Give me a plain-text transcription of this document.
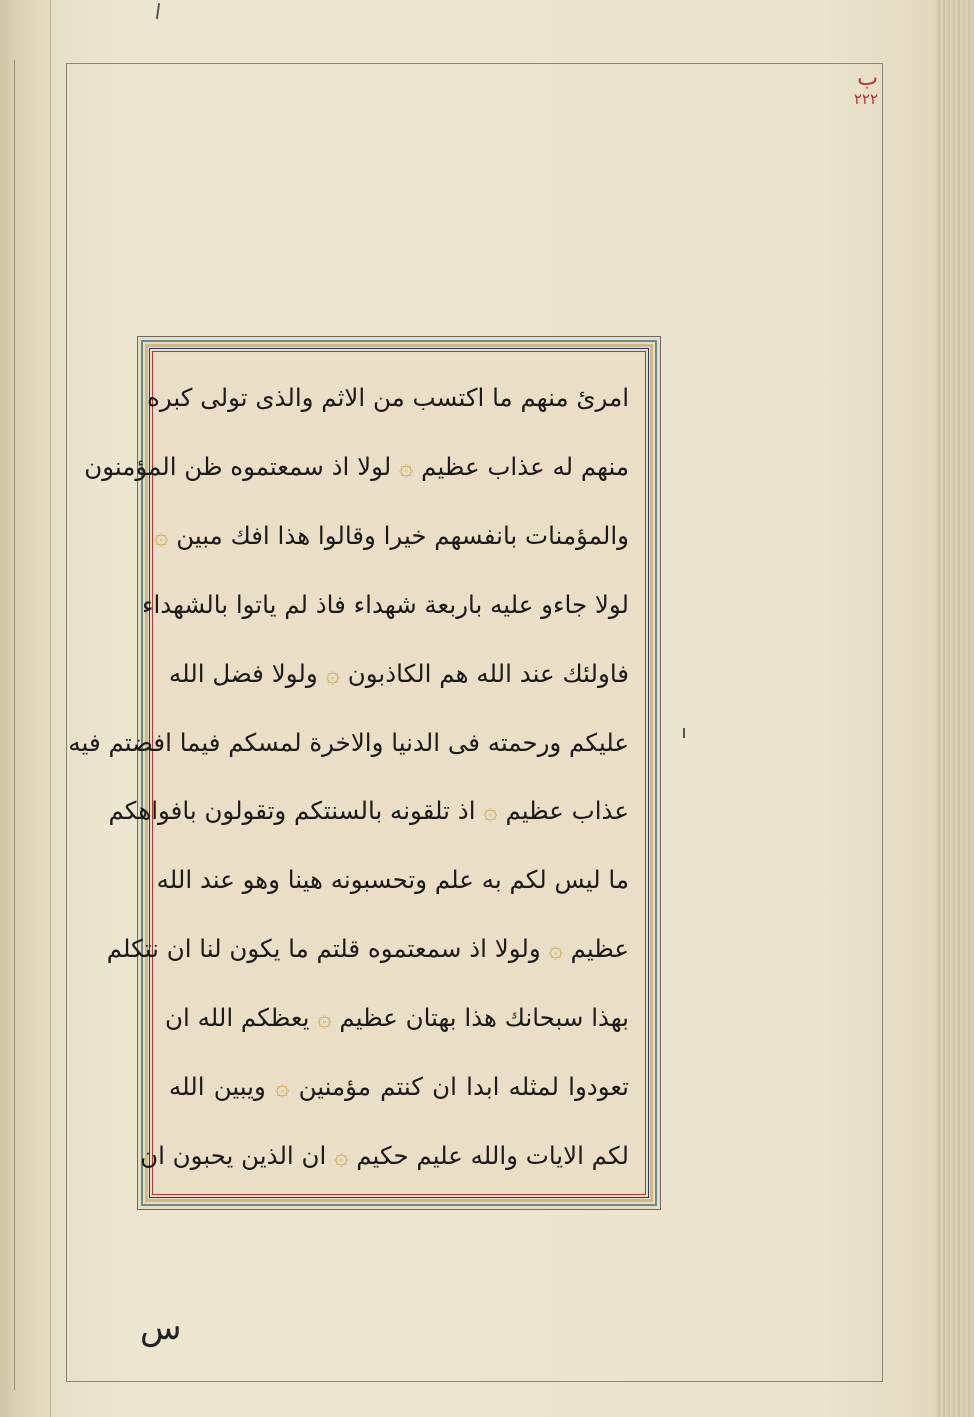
ب
٢٢٢
امرئ منهم ما اكتسب من الاثم والذی تولی كبره
منهم له عذاب عظیم ۞ لولا اذ سمعتموه ظن المؤمنون
والمؤمنات بانفسهم خیرا وقالوا هذا افك مبین ۞
لولا جاءو علیه باربعة شهداء فاذ لم یاتوا بالشهداء
فاولئك عند الله هم الكاذبون ۞ ولولا فضل الله
علیكم ورحمته فی الدنیا والاخرة لمسكم فیما افضتم فیه
عذاب عظیم ۞ اذ تلقونه بالسنتكم وتقولون بافواهكم
ما لیس لكم به علم وتحسبونه هینا وهو عند الله
عظیم ۞ ولولا اذ سمعتموه قلتم ما یكون لنا ان نتكلم
بهذا سبحانك هذا بهتان عظیم ۞ یعظكم الله ان
تعودوا لمثله ابدا ان كنتم مؤمنین ۞ ویبین الله
لكم الایات والله علیم حكیم ۞ ان الذین یحبون ان
س
